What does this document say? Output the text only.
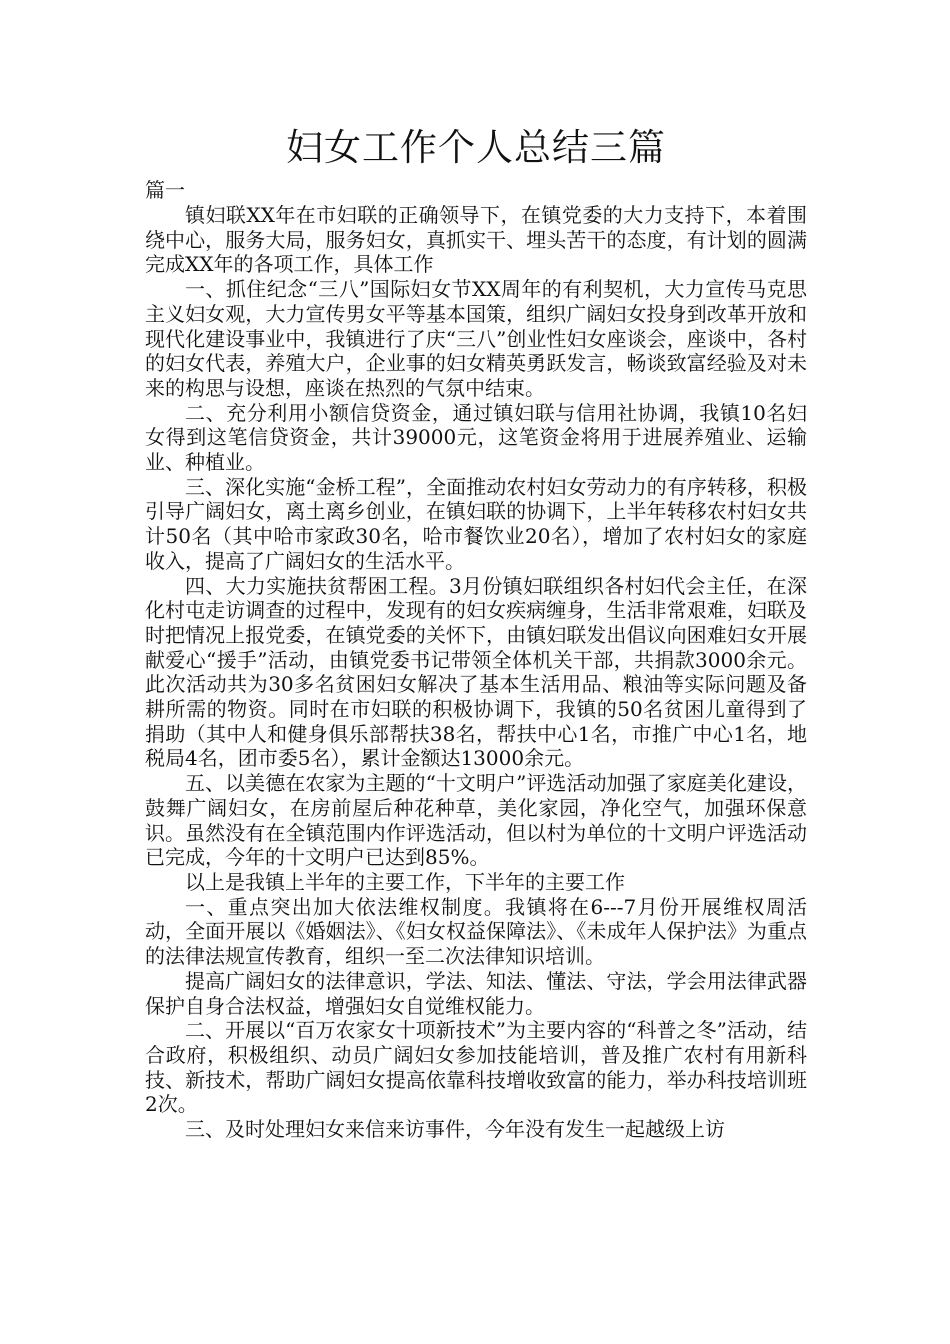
妇女工作个人总结三篇

篇一

镇妇联XX年在市妇联的正确领导下，在镇党委的大力支持下，本着围绕中心，服务大局，服务妇女，真抓实干、埋头苦干的态度，有计划的圆满完成XX年的各项工作，具体工作

一、抓住纪念“三八”国际妇女节XX周年的有利契机，大力宣传马克思主义妇女观，大力宣传男女平等基本国策，组织广阔妇女投身到改革开放和现代化建设事业中，我镇进行了庆“三八”创业性妇女座谈会，座谈中，各村的妇女代表，养殖大户，企业事的妇女精英勇跃发言，畅谈致富经验及对未来的构思与设想，座谈在热烈的气氛中结束。

二、充分利用小额信贷资金，通过镇妇联与信用社协调，我镇10名妇女得到这笔信贷资金，共计39000元，这笔资金将用于进展养殖业、运输业、种植业。

三、深化实施“金桥工程”，全面推动农村妇女劳动力的有序转移，积极引导广阔妇女，离土离乡创业，在镇妇联的协调下，上半年转移农村妇女共计50名（其中哈市家政30名，哈市餐饮业20名），增加了农村妇女的家庭收入，提高了广阔妇女的生活水平。

四、大力实施扶贫帮困工程。3月份镇妇联组织各村妇代会主任，在深化村屯走访调查的过程中，发现有的妇女疾病缠身，生活非常艰难，妇联及时把情况上报党委，在镇党委的关怀下，由镇妇联发出倡议向困难妇女开展献爱心“援手”活动，由镇党委书记带领全体机关干部，共捐款3000余元。此次活动共为30多名贫困妇女解决了基本生活用品、粮油等实际问题及备耕所需的物资。同时在市妇联的积极协调下，我镇的50名贫困儿童得到了捐助（其中人和健身俱乐部帮扶38名，帮扶中心1名，市推广中心1名，地税局4名，团市委5名），累计金额达13000余元。

五、以美德在农家为主题的“十文明户”评选活动加强了家庭美化建设，鼓舞广阔妇女，在房前屋后种花种草，美化家园，净化空气，加强环保意识。虽然没有在全镇范围内作评选活动，但以村为单位的十文明户评选活动已完成，今年的十文明户已达到85%。

以上是我镇上半年的主要工作，下半年的主要工作

一、重点突出加大依法维权制度。我镇将在6---7月份开展维权周活动，全面开展以《婚姻法》、《妇女权益保障法》、《未成年人保护法》为重点的法律法规宣传教育，组织一至二次法律知识培训。

提高广阔妇女的法律意识，学法、知法、懂法、守法，学会用法律武器保护自身合法权益，增强妇女自觉维权能力。

二、开展以“百万农家女十项新技术”为主要内容的“科普之冬”活动，结合政府，积极组织、动员广阔妇女参加技能培训，普及推广农村有用新科技、新技术，帮助广阔妇女提高依靠科技增收致富的能力，举办科技培训班2次。

三、及时处理妇女来信来访事件，今年没有发生一起越级上访
